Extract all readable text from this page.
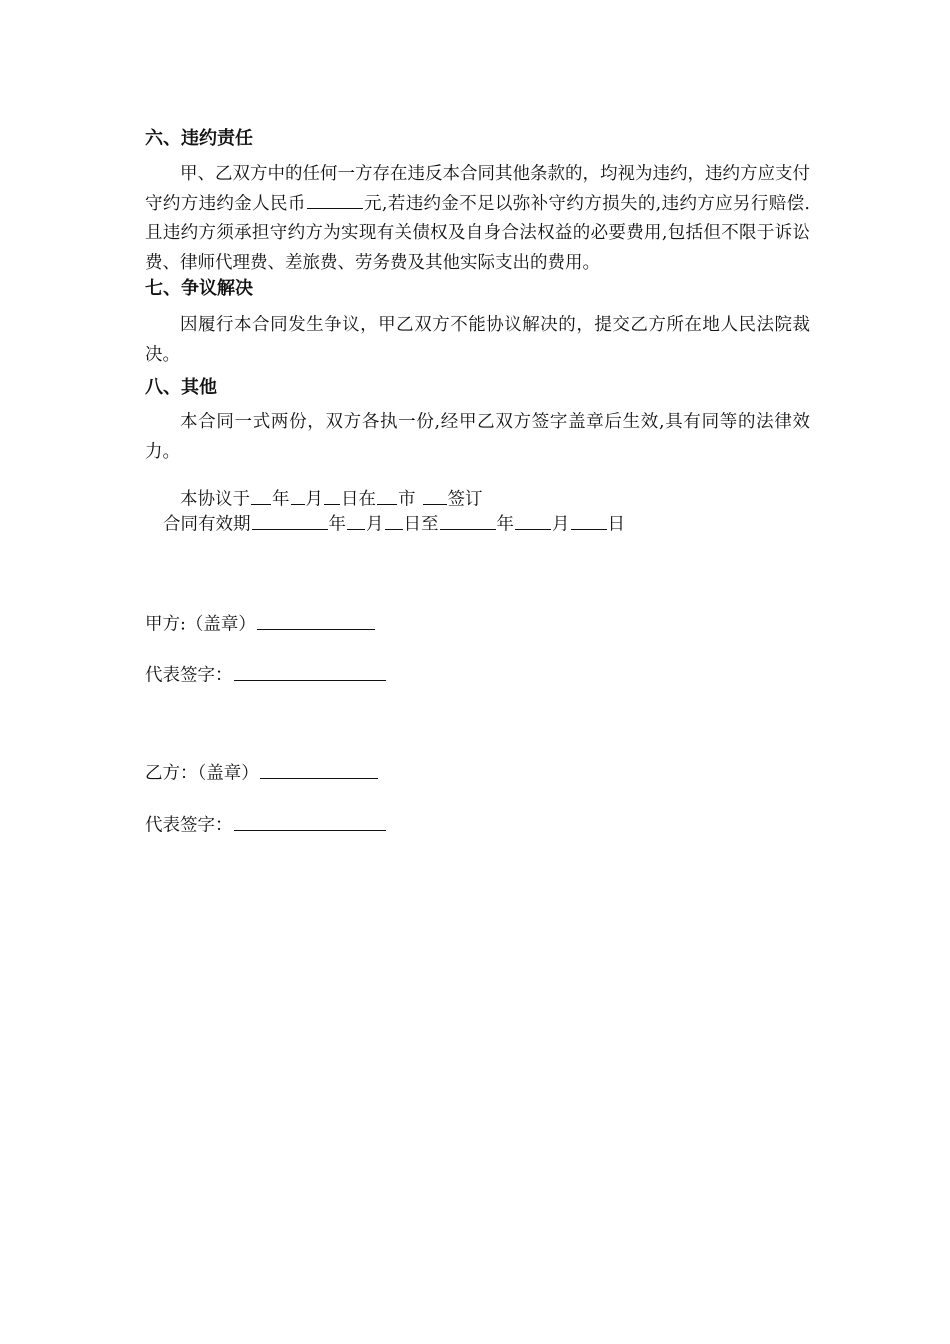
六、违约责任

甲、乙双方中的任何一方存在违反本合同其他条款的，均视为违约，违约方应支付守约方违约金人民币	元,若违约金不足以弥补守约方损失的,违约方应另行赔偿.且违约方须承担守约方为实现有关债权及自身合法权益的必要费用,包括但不限于诉讼费、律师代理费、差旅费、劳务费及其他实际支出的费用。

七、争议解决

因履行本合同发生争议，甲乙双方不能协议解决的，提交乙方所在地人民法院裁决。

八、其他

本合同一式两份，双方各执一份,经甲乙双方签字盖章后生效,具有同等的法律效力。

本协议于 年 月 日在 市 签订

合同有效期	年 月 日至	年 月 日

甲方:（盖章）

代表签字：

乙方：（盖章）

代表签字：
